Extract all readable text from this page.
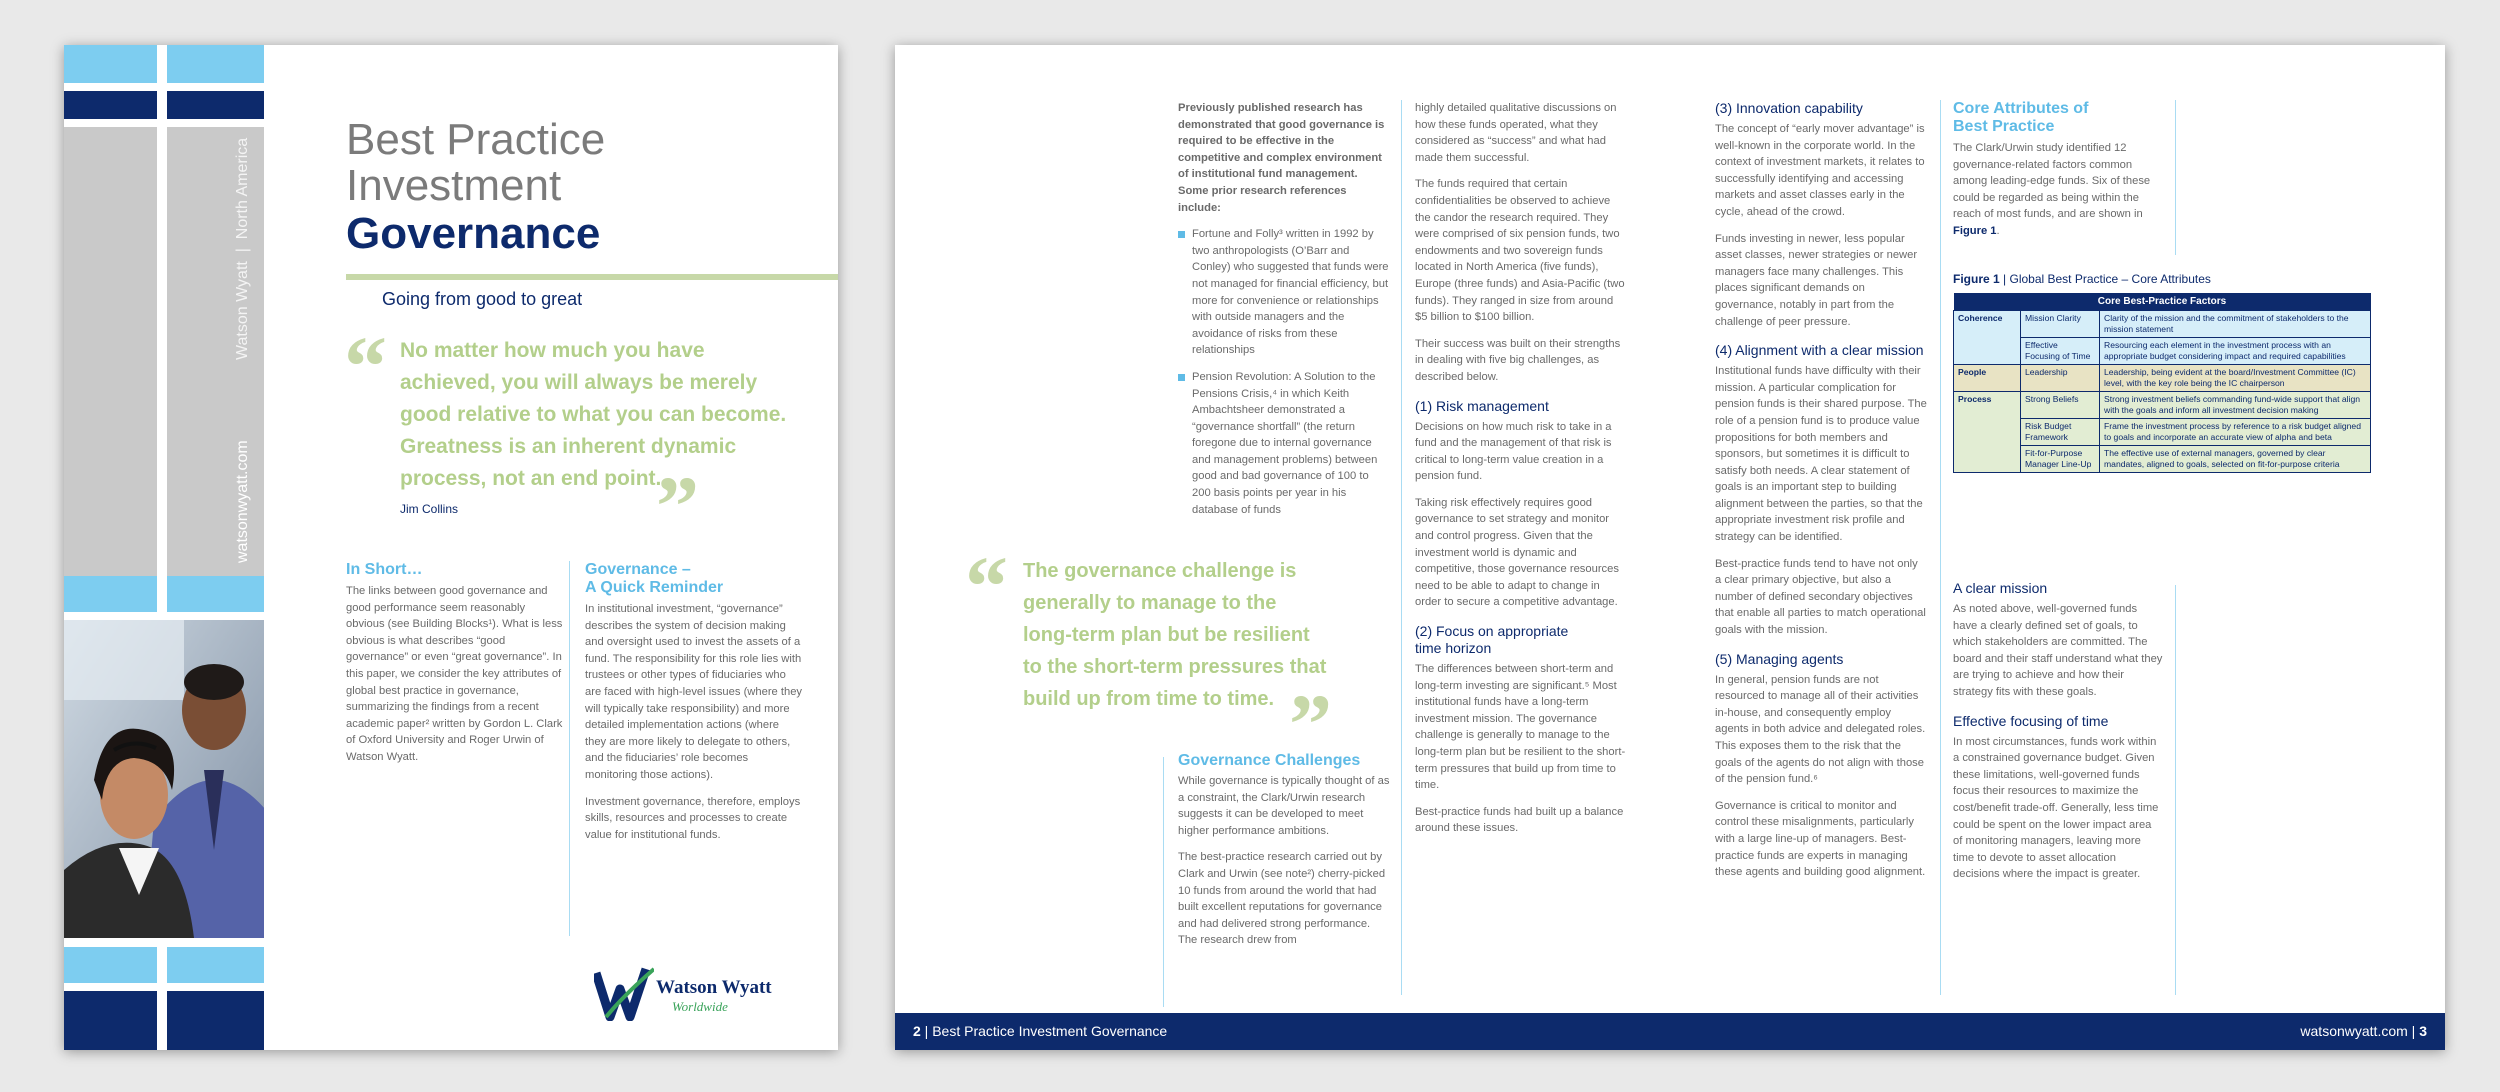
Watson Wyatt  |  North America
watsonwyatt.com
Best Practice
Investment
Governance
Going from good to great
“ No matter how much you have
achieved, you will always be merely
good relative to what you can become.
Greatness is an inherent dynamic
process, not an end point.
”
Jim Collins
In Short…
The links between good governance and good performance seem reasonably obvious (see Building Blocks¹). What is less obvious is what describes “good governance” or even “great governance”. In this paper, we consider the key attributes of global best practice in governance, summarizing the findings from a recent academic paper² written by Gordon L. Clark of Oxford University and Roger Urwin of Watson Wyatt.
Governance –
A Quick Reminder

In institutional investment, “governance” describes the system of decision making and oversight used to invest the assets of a fund. The responsibility for this role lies with trustees or other types of fiduciaries who are faced with high-level issues (where they will typically take responsibility) and more detailed implementation actions (where they are more likely to delegate to others, and the fiduciaries’ role becomes monitoring those actions).

Investment governance, therefore, employs skills, resources and processes to create value for institutional funds.

Watson Wyatt
Worldwide

Previously published research has demonstrated that good governance is required to be effective in the competitive and complex environment of institutional fund management. Some prior research references include:

Fortune and Folly³ written in 1992 by two anthropologists (O’Barr and Conley) who suggested that funds were not managed for financial efficiency, but more for convenience or relationships with outside managers and the avoidance of risks from these relationships

Pension Revolution: A Solution to the Pensions Crisis,⁴ in which Keith Ambachtsheer demonstrated a “governance shortfall” (the return foregone due to internal governance and management problems) between good and bad governance of 100 to 200 basis points per year in his database of funds

“ The governance challenge is
generally to manage to the
long-term plan but be resilient
to the short-term pressures that
build up from time to time. ”
Governance Challenges

While governance is typically thought of as a constraint, the Clark/Urwin research suggests it can be developed to meet higher performance ambitions.

The best-practice research carried out by Clark and Urwin (see note²) cherry-picked 10 funds from around the world that had built excellent reputations for governance and had delivered strong performance. The research drew from

highly detailed qualitative discussions on how these funds operated, what they considered as “success” and what had made them successful.

The funds required that certain confidentialities be observed to achieve the candor the research required. They were comprised of six pension funds, two endowments and two sovereign funds located in North America (five funds), Europe (three funds) and Asia-Pacific (two funds). They ranged in size from around $5 billion to $100 billion.

Their success was built on their strengths in dealing with five big challenges, as described below.

(1) Risk management

Decisions on how much risk to take in a fund and the management of that risk is critical to long-term value creation in a pension fund.

Taking risk effectively requires good governance to set strategy and monitor and control progress. Given that the investment world is dynamic and competitive, those governance resources need to be able to adapt to change in order to secure a competitive advantage.

(2) Focus on appropriate
time horizon

The differences between short-term and long-term investing are significant.⁵ Most institutional funds have a long-term investment mission. The governance challenge is generally to manage to the long-term plan but be resilient to the short-term pressures that build up from time to time.

Best-practice funds had built up a balance around these issues.

(3) Innovation capability

The concept of “early mover advantage” is well-known in the corporate world. In the context of investment markets, it relates to successfully identifying and accessing markets and asset classes early in the cycle, ahead of the crowd.

Funds investing in newer, less popular asset classes, newer strategies or newer managers face many challenges. This places significant demands on governance, notably in part from the challenge of peer pressure.

(4) Alignment with a clear mission

Institutional funds have difficulty with their mission. A particular complication for pension funds is their shared purpose. The role of a pension fund is to produce value propositions for both members and sponsors, but sometimes it is difficult to satisfy both needs. A clear statement of goals is an important step to building alignment between the parties, so that the appropriate investment risk profile and strategy can be identified.

Best-practice funds tend to have not only a clear primary objective, but also a number of defined secondary objectives that enable all parties to match operational goals with the mission.

(5) Managing agents

In general, pension funds are not resourced to manage all of their activities in-house, and consequently employ agents in both advice and delegated roles. This exposes them to the risk that the goals of the agents do not align with those of the pension fund.⁶

Governance is critical to monitor and control these misalignments, particularly with a large line-up of managers. Best-practice funds are experts in managing these agents and building good alignment.

Core Attributes of
Best Practice

The Clark/Urwin study identified 12 governance-related factors common among leading-edge funds. Six of these could be regarded as being within the reach of most funds, and are shown in Figure 1.

Figure 1 | Global Best Practice – Core Attributes
Core Best-Practice Factors		
Coherence	Mission Clarity	Clarity of the mission and the commitment of stakeholders to the mission statement
	Effective Focusing of Time	Resourcing each element in the investment process with an appropriate budget considering impact and required capabilities
People	Leadership	Leadership, being evident at the board/Investment Committee (IC) level, with the key role being the IC chairperson
Process	Strong Beliefs	Strong investment beliefs commanding fund-wide support that align with the goals and inform all investment decision making
	Risk Budget Framework	Frame the investment process by reference to a risk budget aligned to goals and incorporate an accurate view of alpha and beta
	Fit-for-Purpose Manager Line-Up	The effective use of external managers, governed by clear mandates, aligned to goals, selected on fit-for-purpose criteria
A clear mission

As noted above, well-governed funds have a clearly defined set of goals, to which stakeholders are committed. The board and their staff understand what they are trying to achieve and how their strategy fits with these goals.

Effective focusing of time

In most circumstances, funds work within a constrained governance budget. Given these limitations, well-governed funds focus their resources to maximize the cost/benefit trade-off. Generally, less time could be spent on the lower impact area of monitoring managers, leaving more time to devote to asset allocation decisions where the impact is greater.

2 | Best Practice Investment Governance	watsonwyatt.com | 3
